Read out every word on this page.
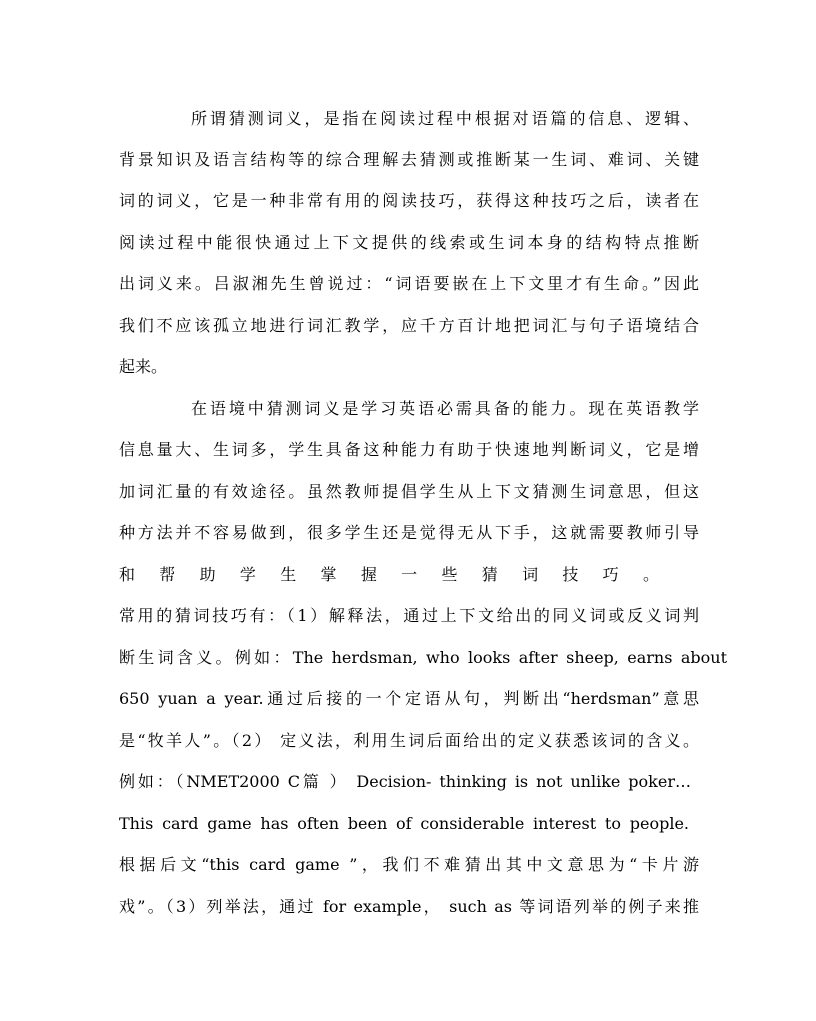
所谓猜测词义，是指在阅读过程中根据对语篇的信息、逻辑、
背景知识及语言结构等的综合理解去猜测或推断某一生词、难词、关键
词的词义，它是一种非常有用的阅读技巧，获得这种技巧之后，读者在
阅读过程中能很快通过上下文提供的线索或生词本身的结构特点推断
出词义来。吕淑湘先生曾说过：“词语要嵌在上下文里才有生命。”因此
我们不应该孤立地进行词汇教学，应千方百计地把词汇与句子语境结合
起来。
在语境中猜测词义是学习英语必需具备的能力。现在英语教学
信息量大、生词多，学生具备这种能力有助于快速地判断词义，它是增
加词汇量的有效途径。虽然教师提倡学生从上下文猜测生词意思，但这
种方法并不容易做到，很多学生还是觉得无从下手，这就需要教师引导
和 帮 助 学 生 掌 握 一 些 猜 词 技 巧 。
常用的猜词技巧有：（1）解释法，通过上下文给出的同义词或反义词判
断生词含义。例如：The herdsman, who looks after sheep, earns about
650 yuan a year.通过后接的一个定语从句，判断出“herdsman”意思
是“牧羊人”。（2） 定义法，利用生词后面给出的定义获悉该词的含义。
例如：（NMET2000 C篇 ） Decision- thinking is not unlike poker…
This card game has often been of considerable interest to people.
根据后文“this card game ”，我们不难猜出其中文意思为“卡片游
戏”。（3）列举法，通过 for example， such as 等词语列举的例子来推
